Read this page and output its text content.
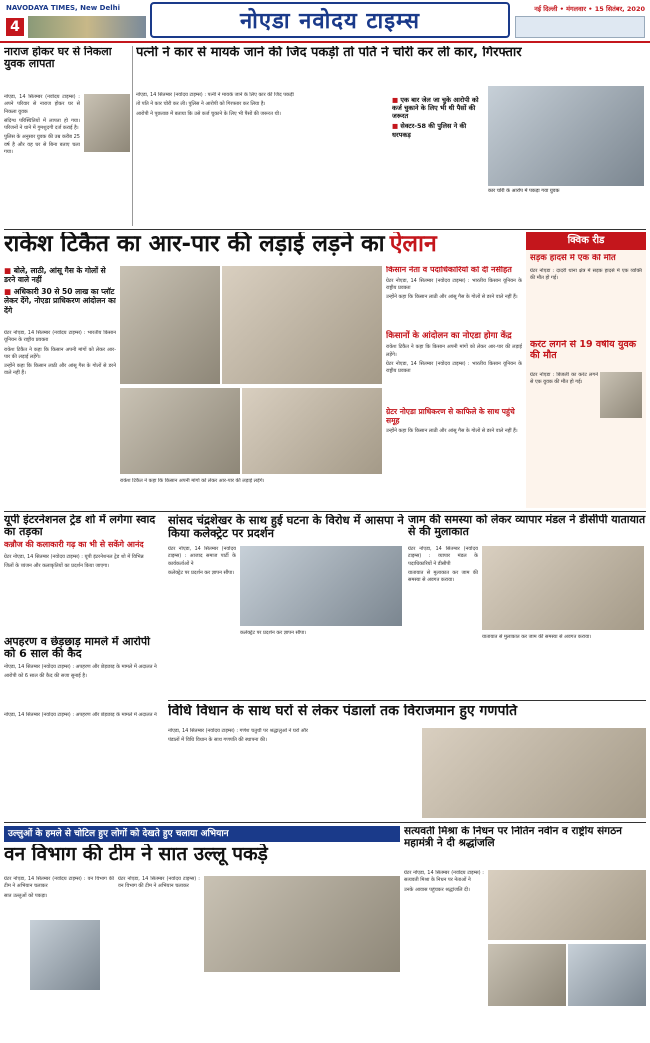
NAVODAYA TIMES, New Delhi
4	नोएडा नवोदय टाइम्स	नई दिल्ली • मंगलवार • 15 सितंबर, 2020
नाराज होकर घर से निकला युवक लापता

नोएडा, 14 सितम्बर (नवोदय टाइम्स) : अपने परिवार से नाराज होकर घर से निकला युवक

संदिग्ध परिस्थितियों में लापता हो गया। परिजनों ने थाने में गुमशुदगी दर्ज कराई है।

पुलिस के अनुसार युवक की उम्र करीब 25 वर्ष है और वह घर से बिना बताए चला गया।

पत्नी ने कार से मायके जाने की जिद पकड़ी तो पति ने चोरी कर ली कार, गिरफ्तार

नोएडा, 14 सितम्बर (नवोदय टाइम्स) : पत्नी ने मायके जाने के लिए कार की जिद पकड़ी

तो पति ने कार चोरी कर ली। पुलिस ने आरोपी को गिरफ्तार कर लिया है।

आरोपी ने पूछताछ में बताया कि उसे कर्ज चुकाने के लिए भी पैसों की जरूरत थी।

■ एक बार जेल जा चुके आरोपी को कर्ज चुकाने के लिए भी थी पैसों की जरूरत
■ सेक्टर-58 की पुलिस ने की धरपकड़
कार चोरी के आरोप में पकड़ा गया युवक
राकेश टिकैत का आर-पार की लड़ाई लड़ने का ऐलान
■ बोले, लाठी, आंसू गैस के गोलों से डरने वाले नहीं
■ अधिकारी 30 से 50 लाख का प्लॉट लेकर देंगे, नोएडा प्राधिकरण आंदोलन का देंगे

ग्रेटर नोएडा, 14 सितम्बर (नवोदय टाइम्स) : भारतीय किसान यूनियन के राष्ट्रीय प्रवक्ता

राकेश टिकैत ने कहा कि किसान अपनी मांगों को लेकर आर-पार की लड़ाई लड़ेंगे।

उन्होंने कहा कि किसान लाठी और आंसू गैस के गोलों से डरने वाले नहीं हैं।

राकेश टिकैत ने कहा कि किसान अपनी मांगों को लेकर आर-पार की लड़ाई लड़ेंगे।

किसान नेता व पदाधिकारियों को दी नसीहत

ग्रेटर नोएडा, 14 सितम्बर (नवोदय टाइम्स) : भारतीय किसान यूनियन के राष्ट्रीय प्रवक्ता

उन्होंने कहा कि किसान लाठी और आंसू गैस के गोलों से डरने वाले नहीं हैं।

किसानों के आंदोलन का नोएडा होगा केंद्र

राकेश टिकैत ने कहा कि किसान अपनी मांगों को लेकर आर-पार की लड़ाई लड़ेंगे।

ग्रेटर नोएडा, 14 सितम्बर (नवोदय टाइम्स) : भारतीय किसान यूनियन के राष्ट्रीय प्रवक्ता

ग्रेटर नोएडा प्राधिकरण से काफिले के साथ पहुंचे समूह

उन्होंने कहा कि किसान लाठी और आंसू गैस के गोलों से डरने वाले नहीं हैं।

क्विक रीड
सड़क हादसे में एक की मौत

ग्रेटर नोएडा : दादरी थाना क्षेत्र में सड़क हादसे में एक व्यक्ति की मौत हो गई।

करंट लगने से 19 वर्षीय युवक की मौत

ग्रेटर नोएडा : बिजली का करंट लगने से एक युवक की मौत हो गई।

यूपी इंटरनेशनल ट्रेड शो में लगेगा स्वाद का तड़का
कन्नौज की कलाकारी गढ़ का भी से सकेंगे आनंद

ग्रेटर नोएडा, 14 सितम्बर (नवोदय टाइम्स) : यूपी इंटरनेशनल ट्रेड शो में विभिन्न

जिलों के व्यंजन और कलाकृतियों का प्रदर्शन किया जाएगा।

सांसद चंद्रशेखर के साथ हुई घटना के विरोध में आसपा ने किया कलेक्ट्रेट पर प्रदर्शन

ग्रेटर नोएडा, 14 सितम्बर (नवोदय टाइम्स) : आजाद समाज पार्टी के कार्यकर्ताओं ने

कलेक्ट्रेट पर प्रदर्शन कर ज्ञापन सौंपा।

कलेक्ट्रेट पर प्रदर्शन कर ज्ञापन सौंपा।

जाम की समस्या को लेकर व्यापार मंडल ने डीसीपी यातायात से की मुलाकात

ग्रेटर नोएडा, 14 सितम्बर (नवोदय टाइम्स) : व्यापार मंडल के पदाधिकारियों ने डीसीपी

यातायात से मुलाकात कर जाम की समस्या से अवगत कराया।

यातायात से मुलाकात कर जाम की समस्या से अवगत कराया।

अपहरण व छेड़छाड़ मामले में आरोपी को 6 साल की कैद

नोएडा, 14 सितम्बर (नवोदय टाइम्स) : अपहरण और छेड़छाड़ के मामले में अदालत ने

आरोपी को 6 साल की कैद की सजा सुनाई है।

विधि विधान के साथ घरों से लेकर पंडालों तक विराजमान हुए गणपति

नोएडा, 14 सितम्बर (नवोदय टाइम्स) : गणेश चतुर्थी पर श्रद्धालुओं ने घरों और

पंडालों में विधि विधान के साथ गणपति की स्थापना की।

नोएडा, 14 सितम्बर (नवोदय टाइम्स) : अपहरण और छेड़छाड़ के मामले में अदालत ने

उल्लुओं के हमले से चोटिल हुए लोगों को देखते हुए चलाया अभियान
वन विभाग की टीम ने सात उल्लू पकड़े

ग्रेटर नोएडा, 14 सितम्बर (नवोदय टाइम्स) : वन विभाग की टीम ने अभियान चलाकर

सात उल्लुओं को पकड़ा।

ग्रेटर नोएडा, 14 सितम्बर (नवोदय टाइम्स) : वन विभाग की टीम ने अभियान चलाकर

सत्यवती मिश्रा के निधन पर नितिन नवीन व राष्ट्रीय संगठन महामंत्री ने दी श्रद्धांजलि

ग्रेटर नोएडा, 14 सितम्बर (नवोदय टाइम्स) : सत्यवती मिश्रा के निधन पर नेताओं ने

उनके आवास पहुंचकर श्रद्धांजलि दी।
